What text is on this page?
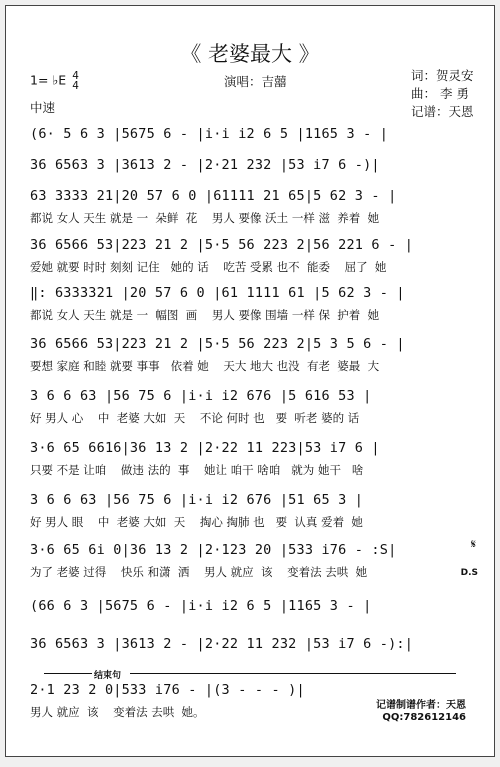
《 老婆最大 》
1= ♭E 4
4	演唱：吉囍	词：贺灵安
曲： 李 勇
记谱：天恩
中速
(6· 5 6 3 |5675 6 - |i·i i2 6 5 |1165 3 - |
36 6563 3 |3613 2 - |2·21 232 |53 i7 6 -)|
63 3333 21|20 57 6 0 |61111 21 65|5 62 3 - |
都说 女人 天生 就是 一  朵鲜  花    男人 要像 沃土 一样 滋  养着  她
36 6566 53|223 21 2 |5·5 56 223 2|56 221 6 - |
爱她 就要 时时 刻刻 记住   她的 话    吃苦 受累 也不  能委    屈了  她
‖: 6333321 |20 57 6 0 |61 1111 61 |5 62 3 - |
都说 女人 天生 就是 一  幅图  画    男人 要像 围墙 一样 保  护着  她
36 6566 53|223 21 2 |5·5 56 223 2|5 3 5 6 - |
要想 家庭 和睦 就要 事事   依着 她    天大 地大 也没  有老  婆最  大
3 6 6 63 |56 75 6 |i·i i2 676 |5 616 53 |
好 男人 心    中  老婆 大如  天    不论 何时 也   要  听老 婆的 话
3·6 65 6616|36 13 2 |2·22 11 223|53 i7 6 |
只要 不是 让咱    做违 法的  事    她让 咱干 啥咱   就为 她干   啥
3 6 6 63 |56 75 6 |i·i i2 676 |51 65 3 |
好 男人 眼    中  老婆 大如  天    掏心 掏肺 也   要  认真 爱着  她
𝄋
3·6 65 6i 0|36 13 2 |2·123 20 |533 i76 - :S|
为了 老婆 过得    快乐 和潇  洒    男人 就应  该    变着法 去哄  她	D.S
(66 6 3 |5675 6 - |i·i i2 6 5 |1165 3 - |
36 6563 3 |3613 2 - |2·22 11 232 |53 i7 6 -):|
结束句
2·1 23 2 0|533 i76 - |(3 - - - )|
男人 就应  该    变着法 去哄  她。	记谱制谱作者：天恩
QQ:782612146
